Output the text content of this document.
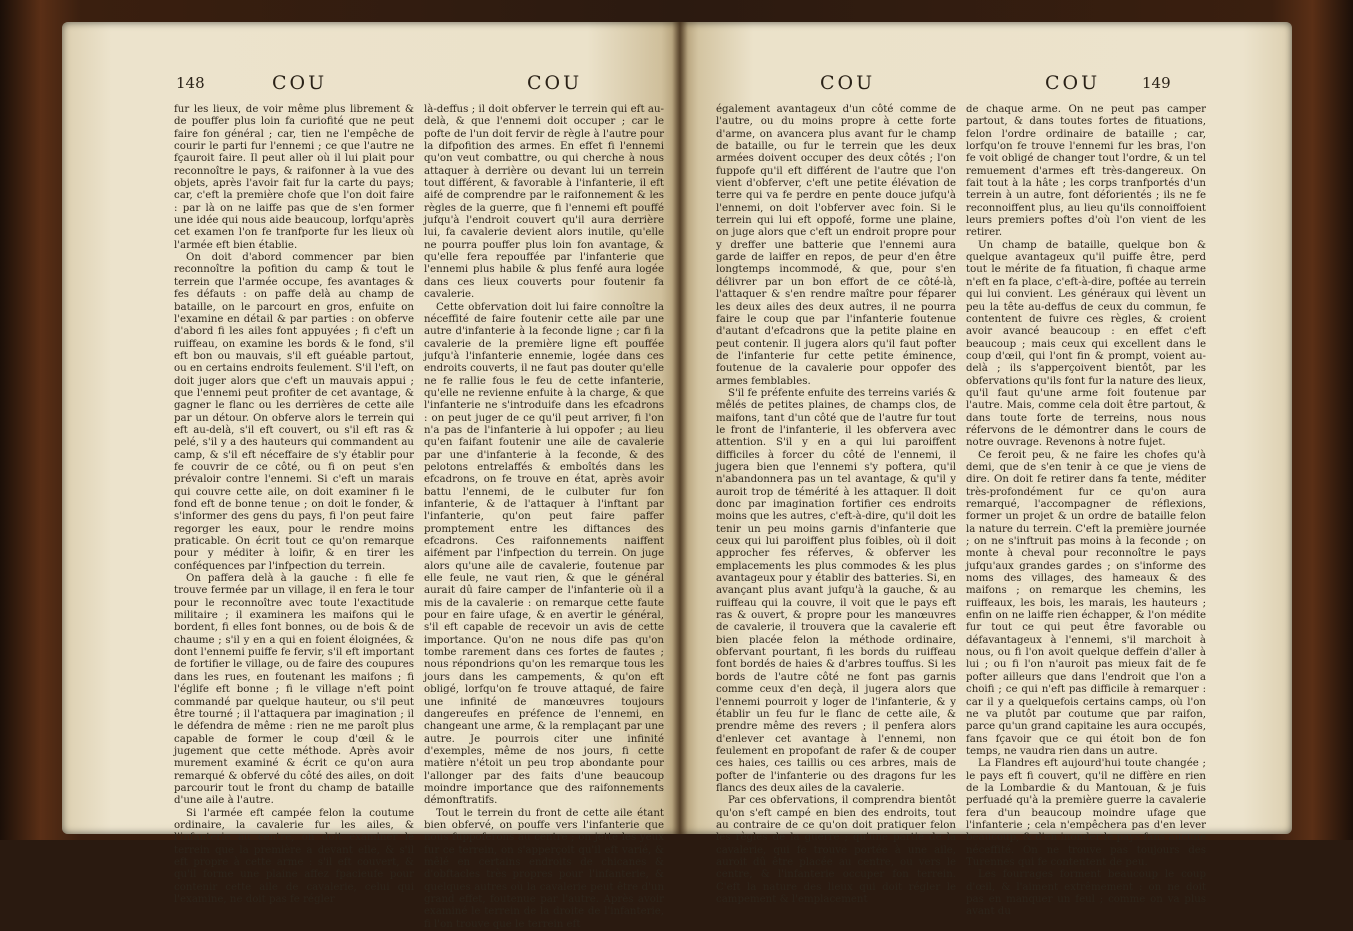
148	COU	COU

fur les lieux, de voir même plus librement & de pouffer plus loin fa curiofité que ne peut faire fon général ; car, tien ne l'empêche de courir le parti fur l'ennemi ; ce que l'autre ne fçauroit faire. Il peut aller où il lui plait pour reconnoître le pays, & raifonner à la vue des objets, après l'avoir fait fur la carte du pays; car, c'eft la première chofe que l'on doit faire : par là on ne laiffe pas que de s'en former une idée qui nous aide beaucoup, lorfqu'après cet examen l'on fe tranfporte fur les lieux où l'armée eft bien établie.

On doit d'abord commencer par bien reconnoître la pofition du camp & tout le terrein que l'armée occupe, fes avantages & fes défauts : on paffe delà au champ de bataille, on le parcourt en gros, enfuite on l'examine en détail & par parties : on obferve d'abord fi les ailes font appuyées ; fi c'eft un ruiffeau, on examine les bords & le fond, s'il eft bon ou mauvais, s'il eft guéable partout, ou en certains endroits feulement. S'il l'eft, on doit juger alors que c'eft un mauvais appui ; que l'ennemi peut profiter de cet avantage, & gagner le flanc ou les derrières de cette aile par un détour. On obferve alors le terrein qui eft au-delà, s'il eft couvert, ou s'il eft ras & pelé, s'il y a des hauteurs qui commandent au camp, & s'il eft néceffaire de s'y établir pour fe couvrir de ce côté, ou fi on peut s'en prévaloir contre l'ennemi. Si c'eft un marais qui couvre cette aile, on doit examiner fi le fond eft de bonne tenue ; on doit le fonder, & s'informer des gens du pays, fi l'on peut faire regorger les eaux, pour le rendre moins praticable. On écrit tout ce qu'on remarque pour y méditer à loifir, & en tirer les conféquences par l'infpection du terrein.

On paffera delà à la gauche : fi elle fe trouve fermée par un village, il en fera le tour pour le reconnoître avec toute l'exactitude militaire ; il examinera les maifons qui le bordent, fi elles font bonnes, ou de bois & de chaume ; s'il y en a qui en foient éloignées, & dont l'ennemi puiffe fe fervir, s'il eft important de fortifier le village, ou de faire des coupures dans les rues, en foutenant les maifons ; fi l'églife eft bonne ; fi le village n'eft point commandé par quelque hauteur, ou s'il peut être tourné ; il l'attaquera par imagination ; il le défendra de même : rien ne me paroît plus capable de former le coup d'œil & le jugement que cette méthode. Après avoir murement examiné & écrit ce qu'on aura remarqué & obfervé du côté des ailes, on doit parcourir tout le front du champ de bataille d'une aile à l'autre.

Si l'armée eft campée felon la coutume ordinaire, la cavalerie fur les ailes, & l'infanterie au centre, on doit examiner le terrein que la première a devant elle, & s'il eft propre à cette arme : s'il eft couvert, & qu'il forme une plaine affez fpacieufe pour contenir cette aile de cavalerie, celui qui l'examine, ne doit pas fe régler

là-deffus ; il doit obferver le terrein qui eft au-delà, & que l'ennemi doit occuper ; car le pofte de l'un doit fervir de règle à l'autre pour la difpofition des armes. En effet fi l'ennemi qu'on veut combattre, ou qui cherche à nous attaquer à derrière ou devant lui un terrein tout différent, & favorable à l'infanterie, il eft aifé de comprendre par le raifonnement & les règles de la guerre, que fi l'ennemi eft pouffé jufqu'à l'endroit couvert qu'il aura derrière lui, fa cavalerie devient alors inutile, qu'elle ne pourra pouffer plus loin fon avantage, & qu'elle fera repouffée par l'infanterie que l'ennemi plus habile & plus fenfé aura logée dans ces lieux couverts pour foutenir fa cavalerie.

Cette obfervation doit lui faire connoître la néceffité de faire foutenir cette aile par une autre d'infanterie à la feconde ligne ; car fi la cavalerie de la première ligne eft pouffée jufqu'à l'infanterie ennemie, logée dans ces endroits couverts, il ne faut pas douter qu'elle ne fe rallie fous le feu de cette infanterie, qu'elle ne revienne enfuite à la charge, & que l'infanterie ne s'introduife dans les efcadrons : on peut juger de ce qu'il peut arriver, fi l'on n'a pas de l'infanterie à lui oppofer ; au lieu qu'en faifant foutenir une aile de cavalerie par une d'infanterie à la feconde, & des pelotons entrelaffés & emboîtés dans les efcadrons, on fe trouve en état, après avoir battu l'ennemi, de le culbuter fur fon infanterie, & de l'attaquer à l'inftant par l'infanterie, qu'on peut faire paffer promptement entre les diftances des efcadrons. Ces raifonnements naiffent aifément par l'infpection du terrein. On juge alors qu'une aile de cavalerie, foutenue par elle feule, ne vaut rien, & que le général aurait dû faire camper de l'infanterie où il a mis de la cavalerie : on remarque cette faute pour en faire ufage, & en avertir le général, s'il eft capable de recevoir un avis de cette importance. Qu'on ne nous dife pas qu'on tombe rarement dans ces fortes de fautes ; nous répondrions qu'on les remarque tous les jours dans les campements, & qu'on eft obligé, lorfqu'on fe trouve attaqué, de faire une infinité de manœuvres toujours dangereufes en préfence de l'ennemi, en changeant une arme, & la remplaçant par une autre. Je pourrois citer une infinité d'exemples, même de nos jours, fi cette matière n'étoit un peu trop abondante pour l'allonger par des faits d'une beaucoup moindre importance que des raifonnements démonftratifs.

Tout le terrein du front de cette aile étant bien obfervé, on pouffe vers l'infanterie que nous fuppoferons au centre ; on jette les yeux fur ce terrein, on s'apperçoit qu'il eft varié, & mêlé en certains endroits de chicanes & d'obftacles très propres pour l'infanterie, & quelques autres où la cavalerie peut être d'un grand effet, foutenue par l'autre. Après avoir examiné le terrein de la droite de l'infanterie, fi l'on trouve que le terrein eft

COU	COU	149

également avantageux d'un côté comme de l'autre, ou du moins propre à cette forte d'arme, on avancera plus avant fur le champ de bataille, ou fur le terrein que les deux armées doivent occuper des deux côtés ; l'on fuppofe qu'il eft différent de l'autre que l'on vient d'obferver, c'eft une petite élévation de terre qui va fe perdre en pente douce jufqu'à l'ennemi, on doit l'obferver avec foin. Si le terrein qui lui eft oppofé, forme une plaine, on juge alors que c'eft un endroit propre pour y dreffer une batterie que l'ennemi aura garde de laiffer en repos, de peur d'en être longtemps incommodé, & que, pour s'en délivrer par un bon effort de ce côté-là, l'attaquer & s'en rendre maître pour féparer les deux ailes des deux autres, il ne pourra faire le coup que par l'infanterie foutenue d'autant d'efcadrons que la petite plaine en peut contenir. Il jugera alors qu'il faut pofter de l'infanterie fur cette petite éminence, foutenue de la cavalerie pour oppofer des armes femblables.

S'il fe préfente enfuite des terreins variés & mêlés de petites plaines, de champs clos, de maifons, tant d'un côté que de l'autre fur tout le front de l'infanterie, il les obfervera avec attention. S'il y en a qui lui paroiffent difficiles à forcer du côté de l'ennemi, il jugera bien que l'ennemi s'y poftera, qu'il n'abandonnera pas un tel avantage, & qu'il y auroit trop de témérité à les attaquer. Il doit donc par imagination fortifier ces endroits moins que les autres, c'eft-à-dire, qu'il doit les tenir un peu moins garnis d'infanterie que ceux qui lui paroiffent plus foibles, où il doit approcher fes réferves, & obferver les emplacements les plus commodes & les plus avantageux pour y établir des batteries. Si, en avançant plus avant jufqu'à la gauche, & au ruiffeau qui la couvre, il voit que le pays eft ras & ouvert, & propre pour les manœuvres de cavalerie, il trouvera que la cavalerie eft bien placée felon la méthode ordinaire, obfervant pourtant, fi les bords du ruiffeau font bordés de haies & d'arbres touffus. Si les bords de l'autre côté ne font pas garnis comme ceux d'en deçà, il jugera alors que l'ennemi pourroit y loger de l'infanterie, & y établir un feu fur le flanc de cette aile, & prendre même des revers ; il penfera alors d'enlever cet avantage à l'ennemi, non feulement en propofant de rafer & de couper ces haies, ces taillis ou ces arbres, mais de pofter de l'infanterie ou des dragons fur les flancs des deux ailes de la cavalerie.

Par ces obfervations, il comprendra bientôt qu'on s'eft campé en bien des endroits, tout au contraire de ce qu'on doit pratiquer felon les règles de la guerre ; qu'une partie de la cavalerie, qui fe trouve portée à une aile, auroit dû être placée au centre, ou vers le centre, & l'infanterie occuper fon terrein. C'eft la nature des lieux qui doit régler le campement & l'emplacement

de chaque arme. On ne peut pas camper partout, & dans toutes fortes de fituations, felon l'ordre ordinaire de bataille ; car, lorfqu'on fe trouve l'ennemi fur les bras, l'on fe voit obligé de changer tout l'ordre, & un tel remuement d'armes eft très-dangereux. On fait tout à la hâte ; les corps tranfportés d'un terrein à un autre, font déforientés ; ils ne fe reconnoiffent plus, au lieu qu'ils connoiffoient leurs premiers poftes d'où l'on vient de les retirer.

Un champ de bataille, quelque bon & quelque avantageux qu'il puiffe être, perd tout le mérite de fa fituation, fi chaque arme n'eft en fa place, c'eft-à-dire, poftée au terrein qui lui convient. Les généraux qui lèvent un peu la tête au-deffus de ceux du commun, fe contentent de fuivre ces règles, & croient avoir avancé beaucoup : en effet c'eft beaucoup ; mais ceux qui excellent dans le coup d'œil, qui l'ont fin & prompt, voient au-delà ; ils s'apperçoivent bientôt, par les obfervations qu'ils font fur la nature des lieux, qu'il faut qu'une arme foit foutenue par l'autre. Mais, comme cela doit être partout, & dans toute forte de terreins, nous nous réfervons de le démontrer dans le cours de notre ouvrage. Revenons à notre fujet.

Ce feroit peu, & ne faire les chofes qu'à demi, que de s'en tenir à ce que je viens de dire. On doit fe retirer dans fa tente, méditer très-profondément fur ce qu'on aura remarqué, l'accompagner de réflexions, former un projet & un ordre de bataille felon la nature du terrein. C'eft la première journée ; on ne s'inftruit pas moins à la feconde ; on monte à cheval pour reconnoître le pays jufqu'aux grandes gardes ; on s'informe des noms des villages, des hameaux & des maifons ; on remarque les chemins, les ruiffeaux, les bois, les marais, les hauteurs ; enfin on ne laiffe rien échapper, & l'on médite fur tout ce qui peut être favorable ou défavantageux à l'ennemi, s'il marchoit à nous, ou fi l'on avoit quelque deffein d'aller à lui ; ou fi l'on n'auroit pas mieux fait de fe pofter ailleurs que dans l'endroit que l'on a choifi ; ce qui n'eft pas difficile à remarquer : car il y a quelquefois certains camps, où l'on ne va plutôt par coutume que par raifon, parce qu'un grand capitaine les aura occupés, fans fçavoir que ce qui étoit bon de fon temps, ne vaudra rien dans un autre.

La Flandres eft aujourd'hui toute changée ; le pays eft fi couvert, qu'il ne diffère en rien de la Lombardie & du Mantouan, & je fuis perfuadé qu'à la première guerre la cavalerie fera d'un beaucoup moindre ufage que l'infanterie ; cela n'empêchera pas d'en lever beaucoup, & d'en inonder le pays fans aucune néceffité. On ne trouve pas toujours des Turennes qui fe contentent de peu.

Les fourrages forment beaucoup le coup d'œil, & l'aiment extrêmement : on ne doit pas en manquer un feul ; comme on va plus avant du
